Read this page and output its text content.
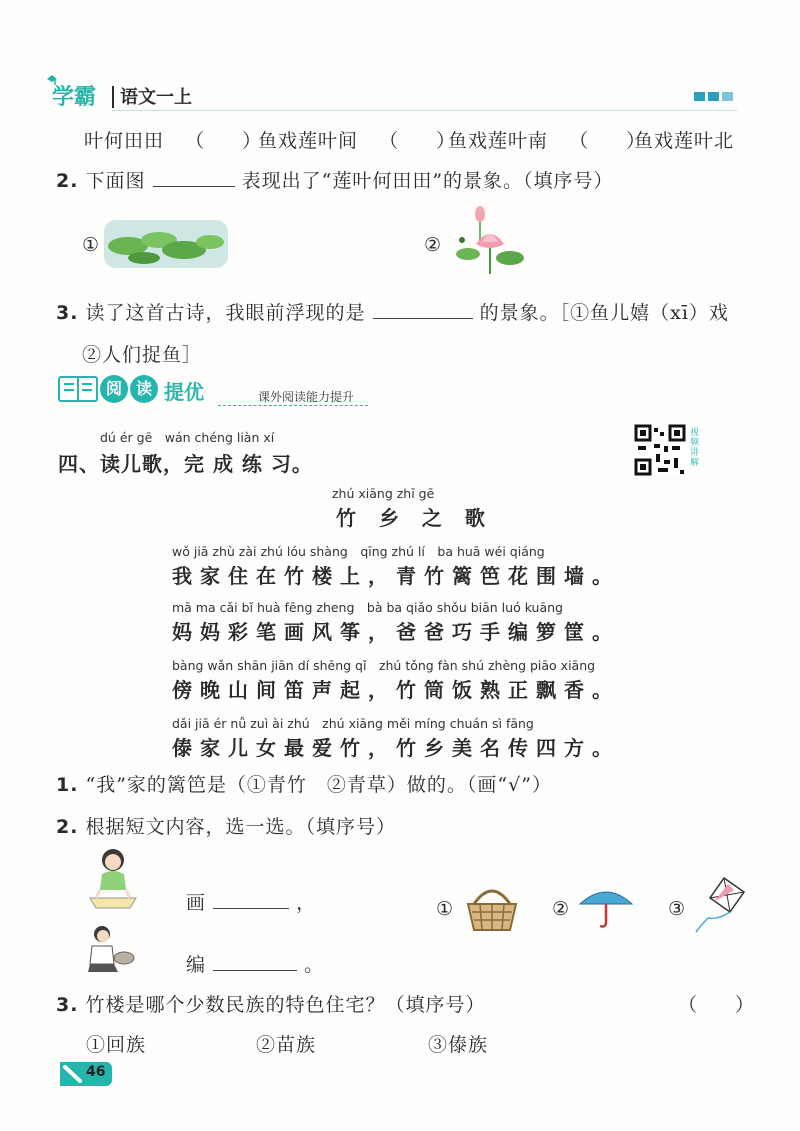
学霸 语文一上
叶何田田 （　　）
鱼戏莲叶间 （　　）
鱼戏莲叶南 （　　）
鱼戏莲叶北
2. 下面图	表现出了“莲叶何田田”的景象。（填序号）
①	②
3. 读了这首古诗，我眼前浮现的是	的景象。［①鱼儿嬉（xī）戏
②人们捉鱼］
阅 读 提优	课外阅读能力提升
dú ér gē　wán chéng liàn xí
四、读儿歌，完 成 练 习。
视频讲解
zhú xiāng zhī gē
竹 乡 之 歌
wǒ jiā zhù zài zhú lóu shàng　qīng zhú lí　ba huā wéi qiáng
我家住在竹楼上，青竹篱笆花围墙。
mā ma cǎi bǐ huà fēng zheng　bà ba qiǎo shǒu biān luó kuāng
妈妈彩笔画风筝，爸爸巧手编箩筐。
bàng wǎn shān jiān dí shēng qǐ　zhú tǒng fàn shú zhèng piāo xiāng
傍晚山间笛声起，竹筒饭熟正飘香。
dǎi jiā ér nǚ zuì ài zhú　zhú xiāng měi míng chuán sì fāng
傣家儿女最爱竹，竹乡美名传四方。
1. “我”家的篱笆是（①青竹　②青草）做的。（画“√”）
2. 根据短文内容，选一选。（填序号）
画	，
编	。
①	②	③
3. 竹楼是哪个少数民族的特色住宅？（填序号）	（　　）
①回族	②苗族	③傣族
46
